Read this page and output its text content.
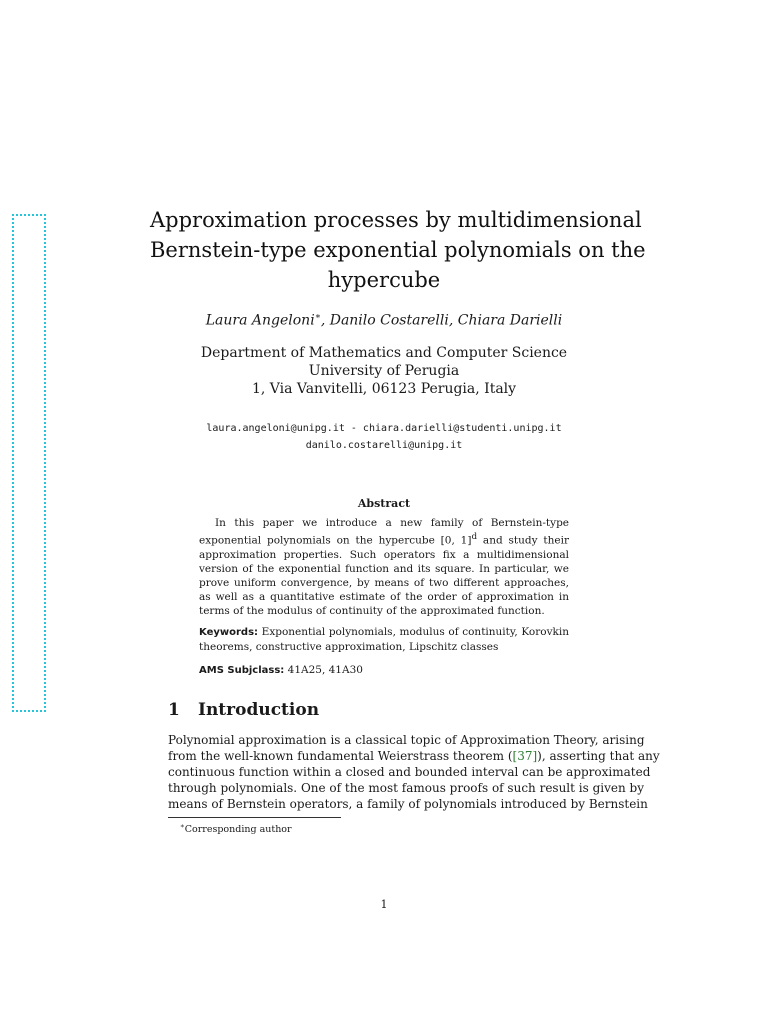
Approximation processes by multidimensional
Bernstein-type exponential polynomials on the
hypercube
Laura Angeloni∗, Danilo Costarelli, Chiara Darielli
Department of Mathematics and Computer Science
University of Perugia
1, Via Vanvitelli, 06123 Perugia, Italy
laura.angeloni@unipg.it - chiara.darielli@studenti.unipg.it
danilo.costarelli@unipg.it
Abstract

In this paper we introduce a new family of Bernstein-type exponential polynomials on the hypercube [0, 1]$^d$ and study their approximation properties. Such operators fix a multidimensional version of the exponential function and its square. In particular, we prove uniform convergence, by means of two different approaches, as well as a quantitative estimate of the order of approximation in terms of the modulus of continuity of the approximated function.

Keywords: Exponential polynomials, modulus of continuity, Korovkin theorems, constructive approximation, Lipschitz classes
AMS Subjclass: 41A25, 41A30
1 Introduction
Polynomial approximation is a classical topic of Approximation Theory, arising
from the well-known fundamental Weierstrass theorem ([37]), asserting that any
continuous function within a closed and bounded interval can be approximated
through polynomials. One of the most famous proofs of such result is given by
means of Bernstein operators, a family of polynomials introduced by Bernstein
∗Corresponding author
1
